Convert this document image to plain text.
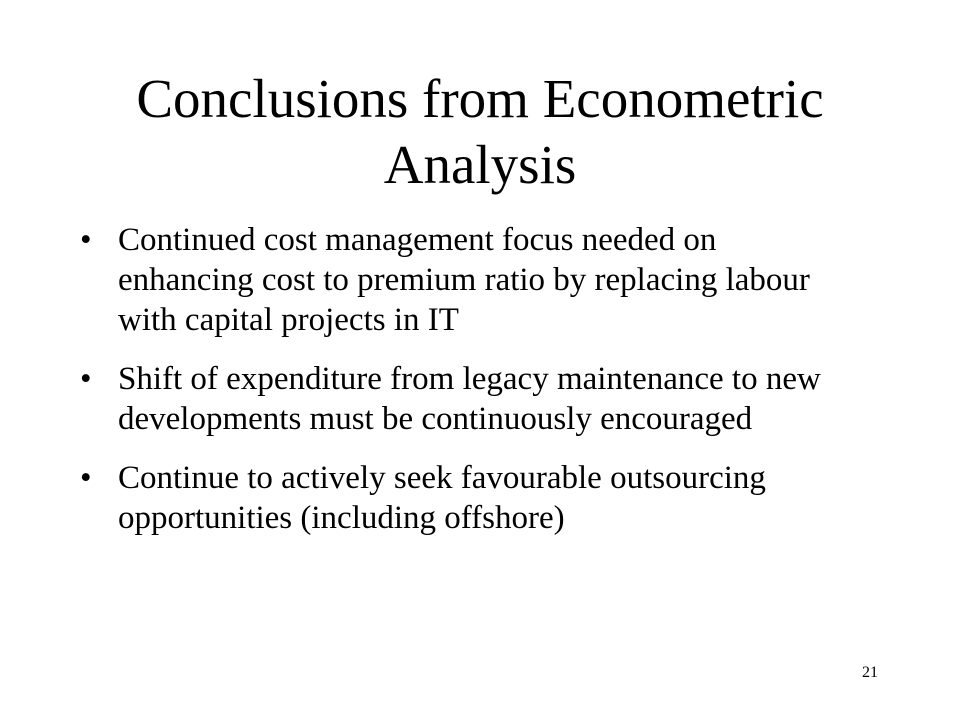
Conclusions from Econometric Analysis
• Continued cost management focus needed on enhancing cost to premium ratio by replacing labour with capital projects in IT
• Shift of expenditure from legacy maintenance to new developments must be continuously encouraged
• Continue to actively seek favourable outsourcing opportunities (including offshore)
21
